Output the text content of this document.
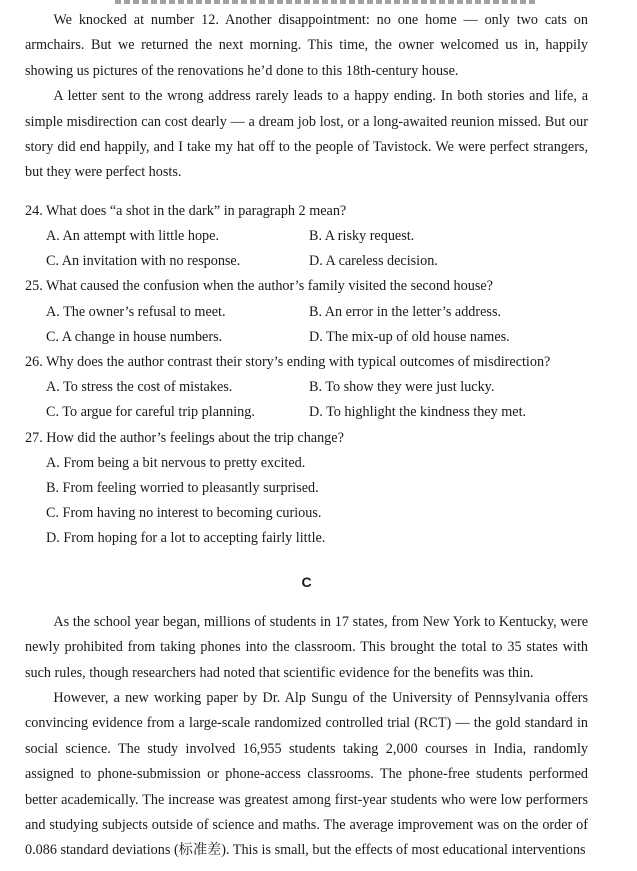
We knocked at number 12. Another disappointment: no one home — only two cats on armchairs. But we returned the next morning. This time, the owner welcomed us in, happily showing us pictures of the renovations he’d done to this 18th-century house.

A letter sent to the wrong address rarely leads to a happy ending. In both stories and life, a simple misdirection can cost dearly — a dream job lost, or a long-awaited reunion missed. But our story did end happily, and I take my hat off to the people of Tavistock. We were perfect strangers, but they were perfect hosts.

24. What does “a shot in the dark” in paragraph 2 mean?
A. An attempt with little hope.	B. A risky request.
C. An invitation with no response.	D. A careless decision.
25. What caused the confusion when the author’s family visited the second house?
A. The owner’s refusal to meet.	B. An error in the letter’s address.
C. A change in house numbers.	D. The mix-up of old house names.
26. Why does the author contrast their story’s ending with typical outcomes of misdirection?
A. To stress the cost of mistakes.	B. To show they were just lucky.
C. To argue for careful trip planning.	D. To highlight the kindness they met.
27. How did the author’s feelings about the trip change?
A. From being a bit nervous to pretty excited.
B. From feeling worried to pleasantly surprised.
C. From having no interest to becoming curious.
D. From hoping for a lot to accepting fairly little.
C

As the school year began, millions of students in 17 states, from New York to Kentucky, were newly prohibited from taking phones into the classroom. This brought the total to 35 states with such rules, though researchers had noted that scientific evidence for the benefits was thin.

However, a new working paper by Dr. Alp Sungu of the University of Pennsylvania offers convincing evidence from a large-scale randomized controlled trial (RCT) — the gold standard in social science. The study involved 16,955 students taking 2,000 courses in India, randomly assigned to phone-submission or phone-access classrooms. The phone-free students performed better academically. The increase was greatest among first-year students who were low performers and studying subjects outside of science and maths. The average improvement was on the order of 0.086 standard deviations (标准差). This is small, but the effects of most educational interventions
